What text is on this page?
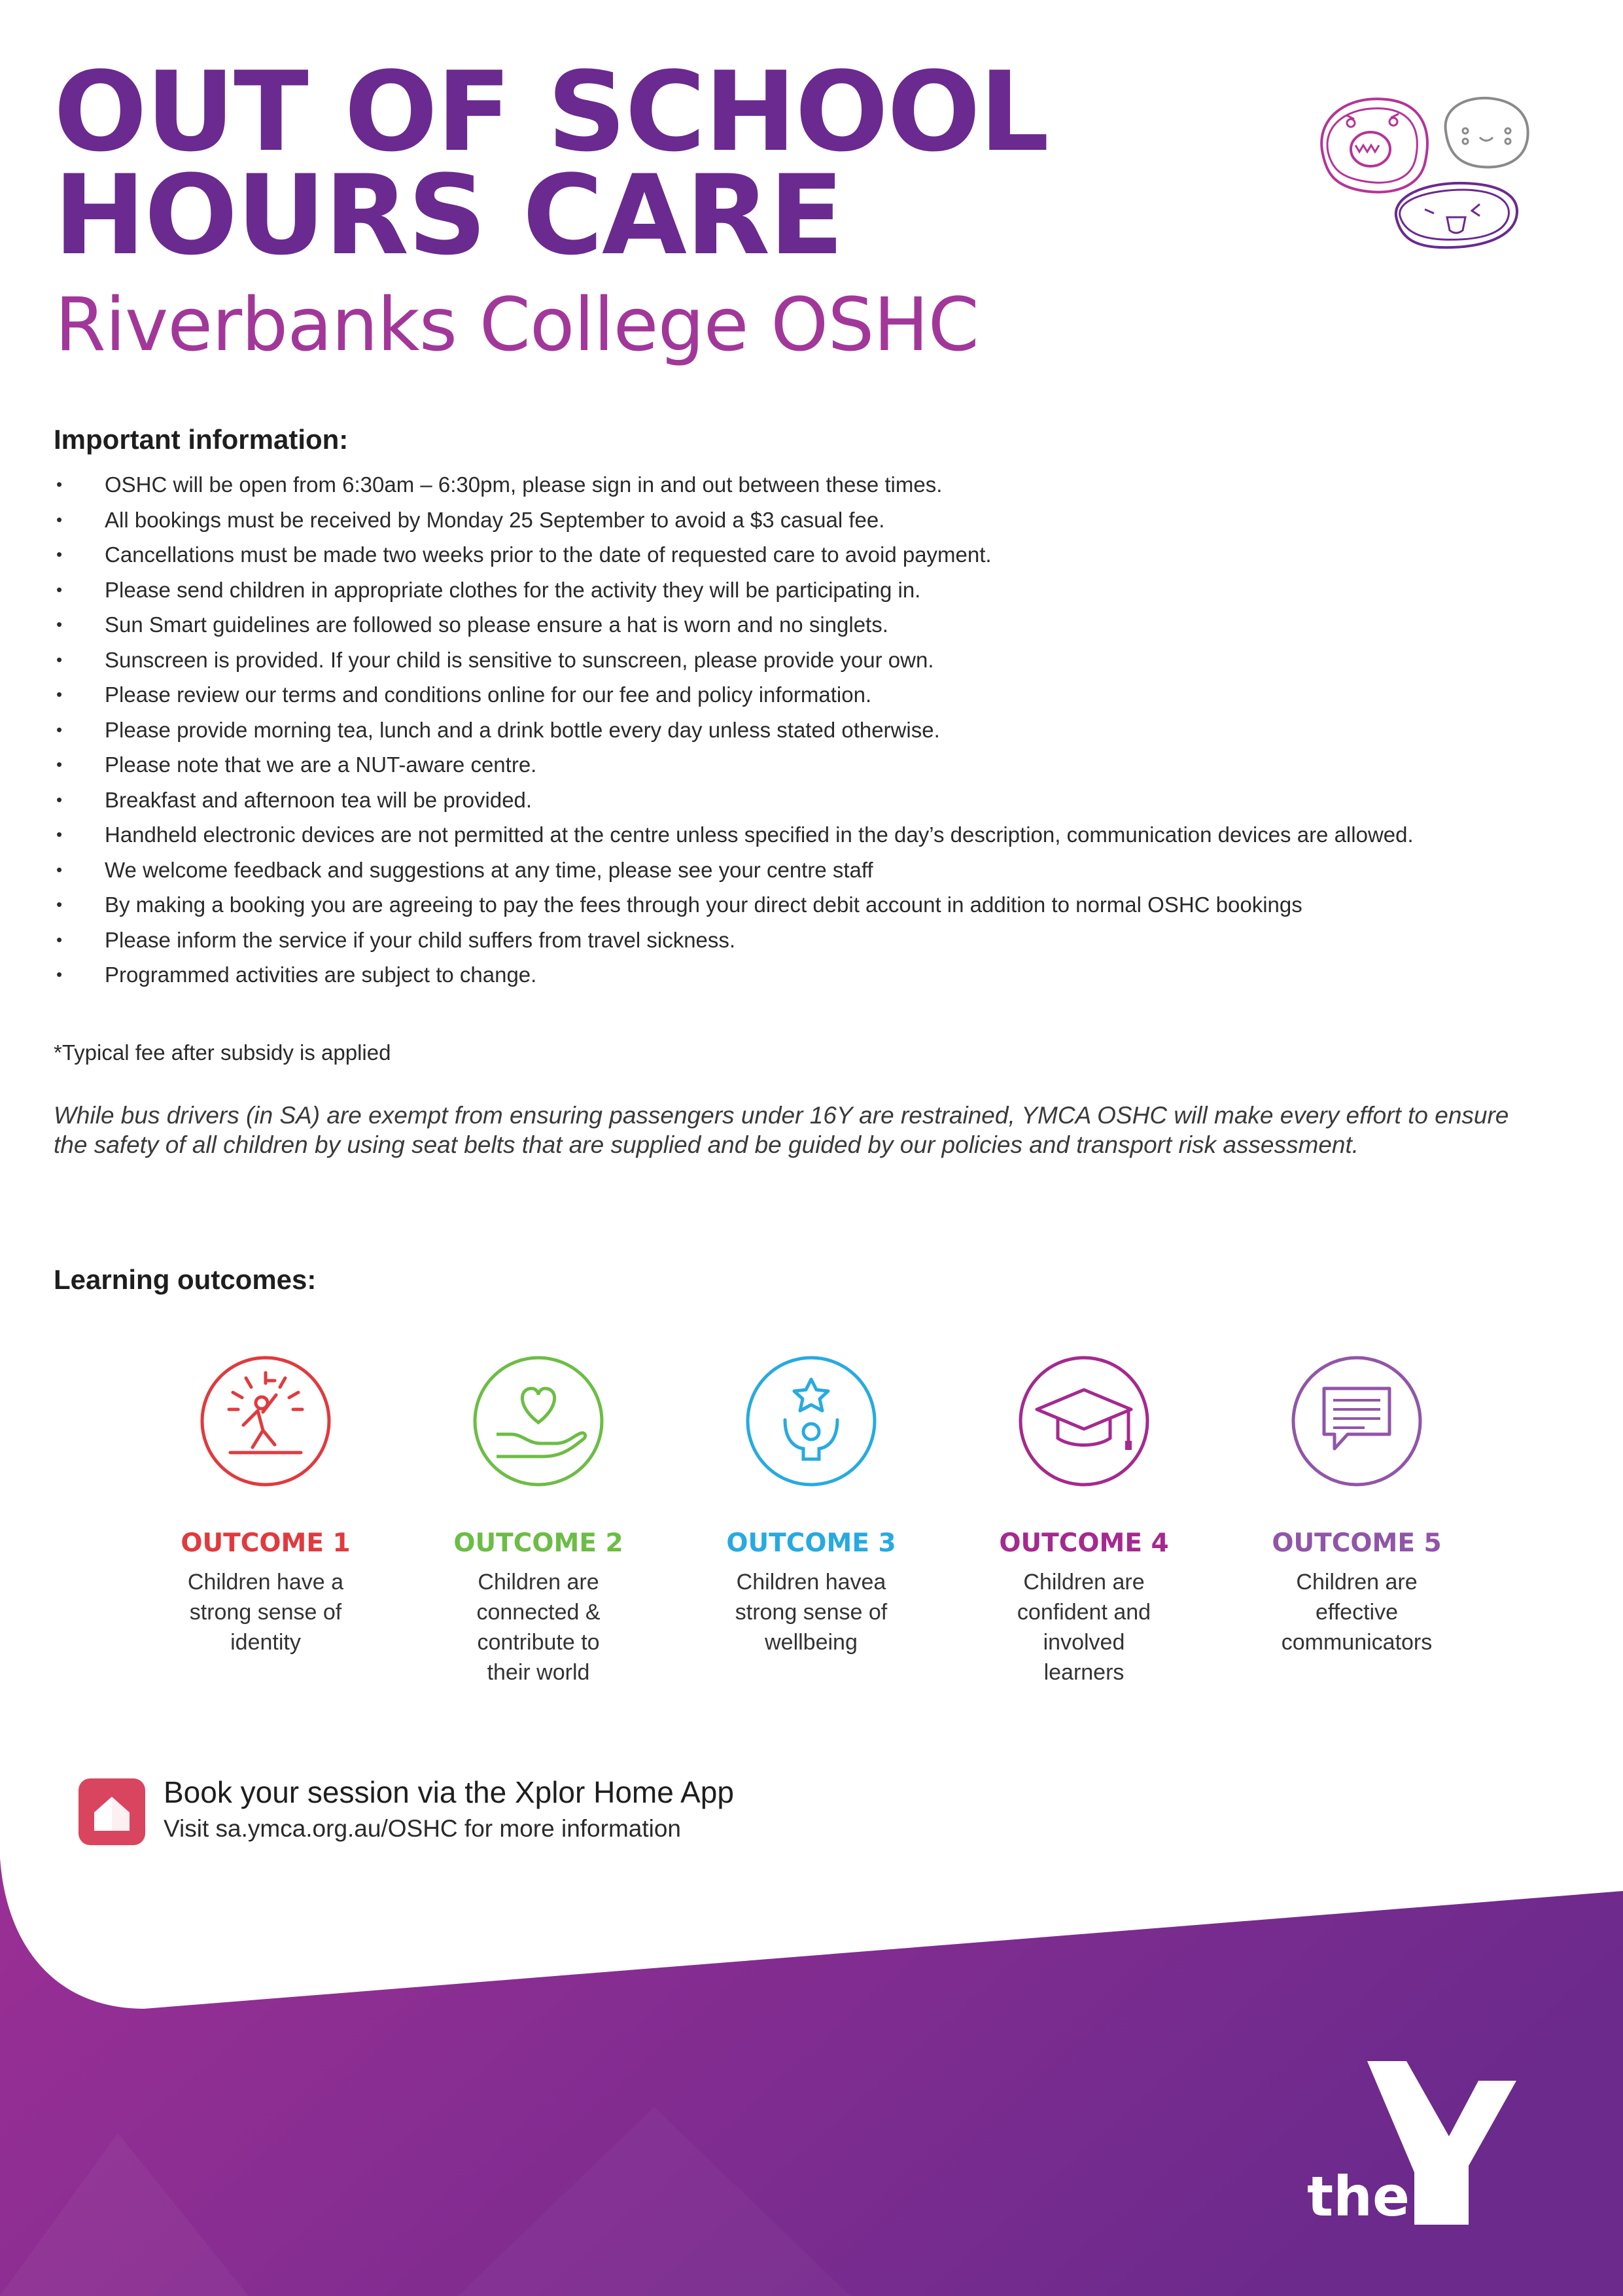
OUT OF SCHOOL
HOURS CARE
Riverbanks College OSHC
Important information:
• OSHC will be open from 6:30am – 6:30pm, please sign in and out between these times.
• All bookings must be received by Monday 25 September to avoid a $3 casual fee.
• Cancellations must be made two weeks prior to the date of requested care to avoid payment.
• Please send children in appropriate clothes for the activity they will be participating in.
• Sun Smart guidelines are followed so please ensure a hat is worn and no singlets.
• Sunscreen is provided. If your child is sensitive to sunscreen, please provide your own.
• Please review our terms and conditions online for our fee and policy information.
• Please provide morning tea, lunch and a drink bottle every day unless stated otherwise.
• Please note that we are a NUT-aware centre.
• Breakfast and afternoon tea will be provided.
• Handheld electronic devices are not permitted at the centre unless specified in the day’s description, communication devices are allowed.
• We welcome feedback and suggestions at any time, please see your centre staff
• By making a booking you are agreeing to pay the fees through your direct debit account in addition to normal OSHC bookings
• Please inform the service if your child suffers from travel sickness.
• Programmed activities are subject to change.
*Typical fee after subsidy is applied
While bus drivers (in SA) are exempt from ensuring passengers under 16Y are restrained, YMCA OSHC will make every effort to ensure the safety of all children by using seat belts that are supplied and be guided by our policies and transport risk assessment.
Learning outcomes:
OUTCOME 1
Children have a strong sense of identity
OUTCOME 2
Children are connected & contribute to their world
OUTCOME 3
Children havea strong sense of wellbeing
OUTCOME 4
Children are confident and involved learners
OUTCOME 5
Children are effective communicators
Book your session via the Xplor Home App
Visit sa.ymca.org.au/OSHC for more information
the
